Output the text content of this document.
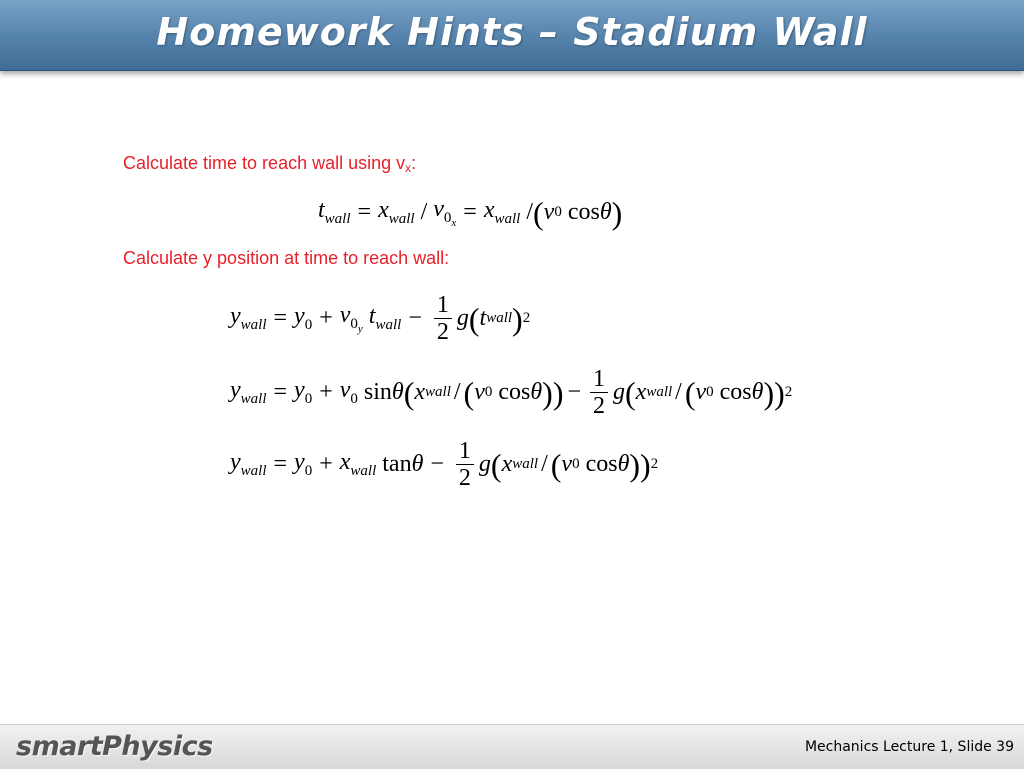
Homework Hints – Stadium Wall
Calculate time to reach wall using $v_x$:
$t_{wall} = x_{wall} / v_{0x} = x_{wall}$ / ( v 0 cos θ )
Calculate y position at time to reach wall:
$y_{wall} = y_0 + v_{0y}$
$t_{wall} - \frac{1}{2}$ g ( t wall ) 2
$y_{wall} = y_0 + v_0$ sin θ ( x wall / ( v 0 cos θ )) − $\frac{1}{2}$ g ( x wall / ( v 0 cos θ )) 2
$y_{wall} = y_0 + x_{wall}$ $\tan \theta - \frac{1}{2}$ g ( x wall / ( v 0 cos θ )) 2
smartPhysics	Mechanics Lecture 1, Slide 39
